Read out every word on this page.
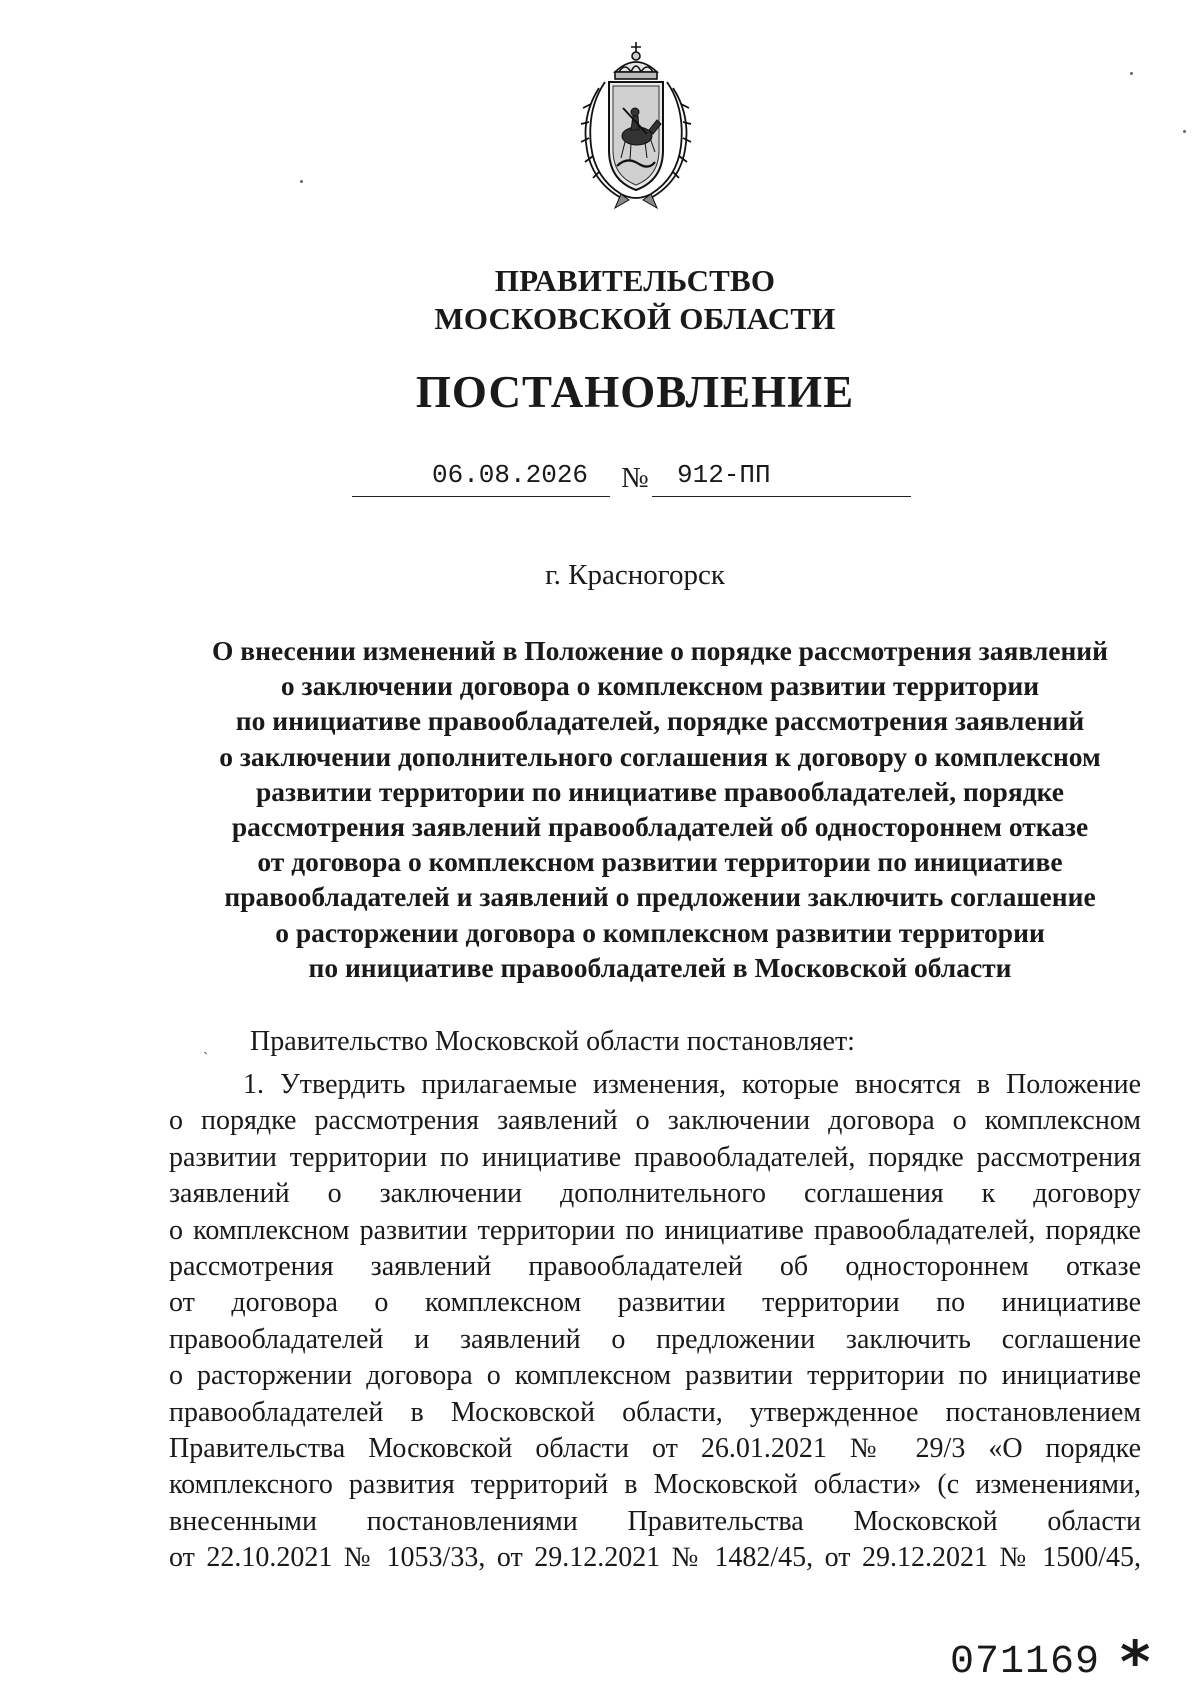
ПРАВИТЕЛЬСТВО
МОСКОВСКОЙ ОБЛАСТИ
ПОСТАНОВЛЕНИЕ
06.08.2026 № 912-ПП
г. Красногорск
О внесении изменений в Положение о порядке рассмотрения заявлений
о заключении договора о комплексном развитии территории
по инициативе правообладателей, порядке рассмотрения заявлений
о заключении дополнительного соглашения к договору о комплексном
развитии территории по инициативе правообладателей, порядке
рассмотрения заявлений правообладателей об одностороннем отказе
от договора о комплексном развитии территории по инициативе
правообладателей и заявлений о предложении заключить соглашение
о расторжении договора о комплексном развитии территории
по инициативе правообладателей в Московской области
ˏ Правительство Московской области постановляет:
1. Утвердить прилагаемые изменения, которые вносятся в Положение
о порядке рассмотрения заявлений о заключении договора о комплексном
развитии территории по инициативе правообладателей, порядке рассмотрения
заявлений о заключении дополнительного соглашения к договору
о комплексном развитии территории по инициативе правообладателей, порядке
рассмотрения заявлений правообладателей об одностороннем отказе
от договора о комплексном развитии территории по инициативе
правообладателей и заявлений о предложении заключить соглашение
о расторжении договора о комплексном развитии территории по инициативе
правообладателей в Московской области, утвержденное постановлением
Правительства Московской области от 26.01.2021 № 29/3 «О порядке
комплексного развития территорий в Московской области» (с изменениями,
внесенными постановлениями Правительства Московской области
от 22.10.2021 № 1053/33, от 29.12.2021 № 1482/45, от 29.12.2021 № 1500/45,
071169 *
